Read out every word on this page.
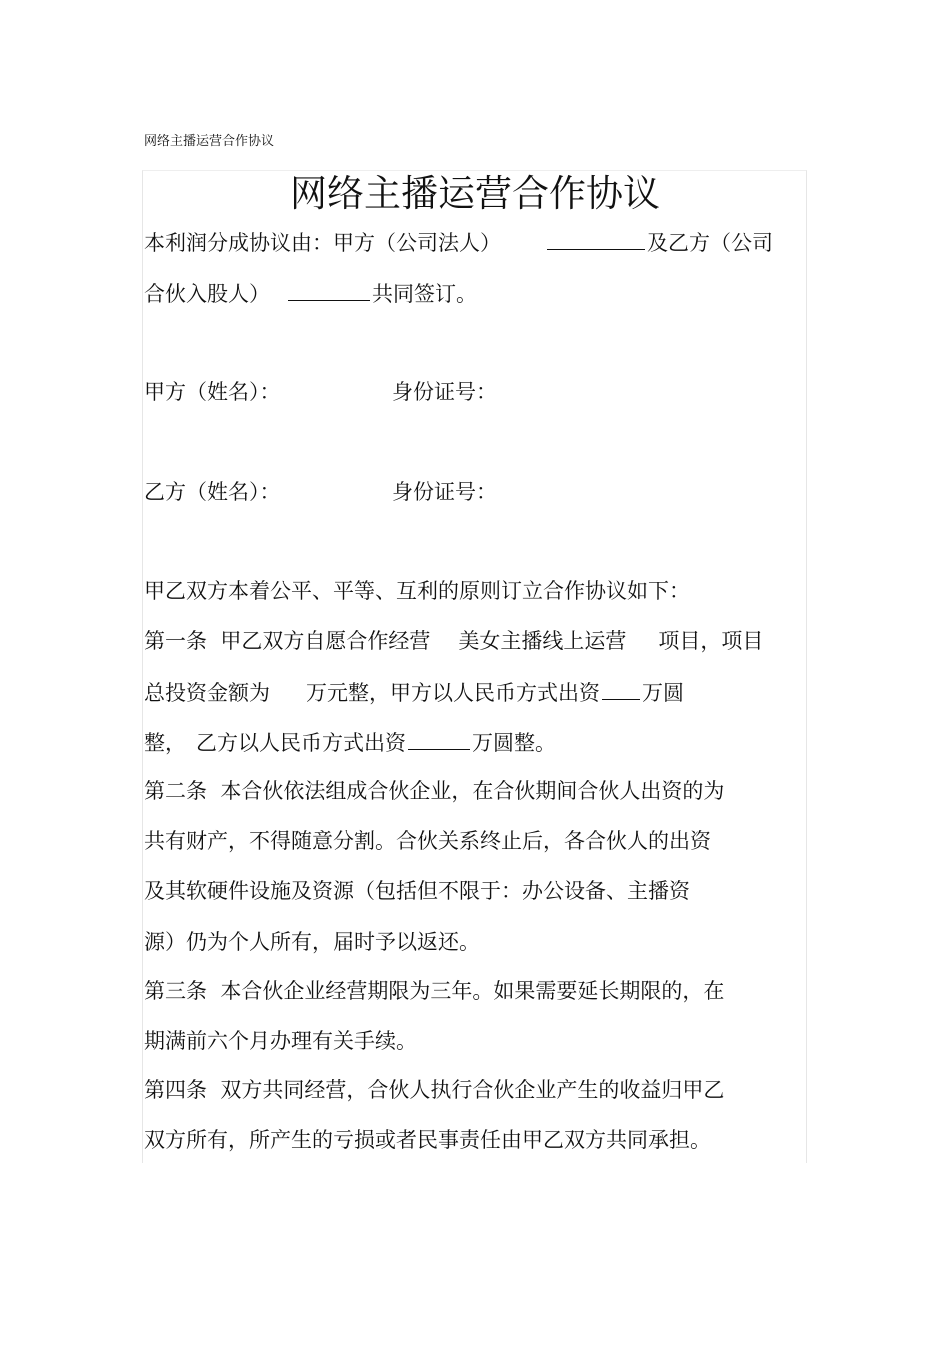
网络主播运营合作协议
网络主播运营合作协议
本利润分成协议由：甲方（公司法人）	及乙方（公司
合伙入股人）	共同签订。
甲方（姓名）：	身份证号：
乙方（姓名）：	身份证号：
甲乙双方本着公平、平等、互利的原则订立合作协议如下：
第一条  甲乙双方自愿合作经营 美女主播线上运营 项目，项目
总投资金额为 万元整，甲方以人民币方式出资 万圆
整， 乙方以人民币方式出资	万圆整。
第二条  本合伙依法组成合伙企业，在合伙期间合伙人出资的为
共有财产，不得随意分割。合伙关系终止后，各合伙人的出资
及其软硬件设施及资源（包括但不限于：办公设备、主播资
源）仍为个人所有，届时予以返还。
第三条  本合伙企业经营期限为三年。如果需要延长期限的，在
期满前六个月办理有关手续。
第四条  双方共同经营，合伙人执行合伙企业产生的收益归甲乙
双方所有，所产生的亏损或者民事责任由甲乙双方共同承担。
